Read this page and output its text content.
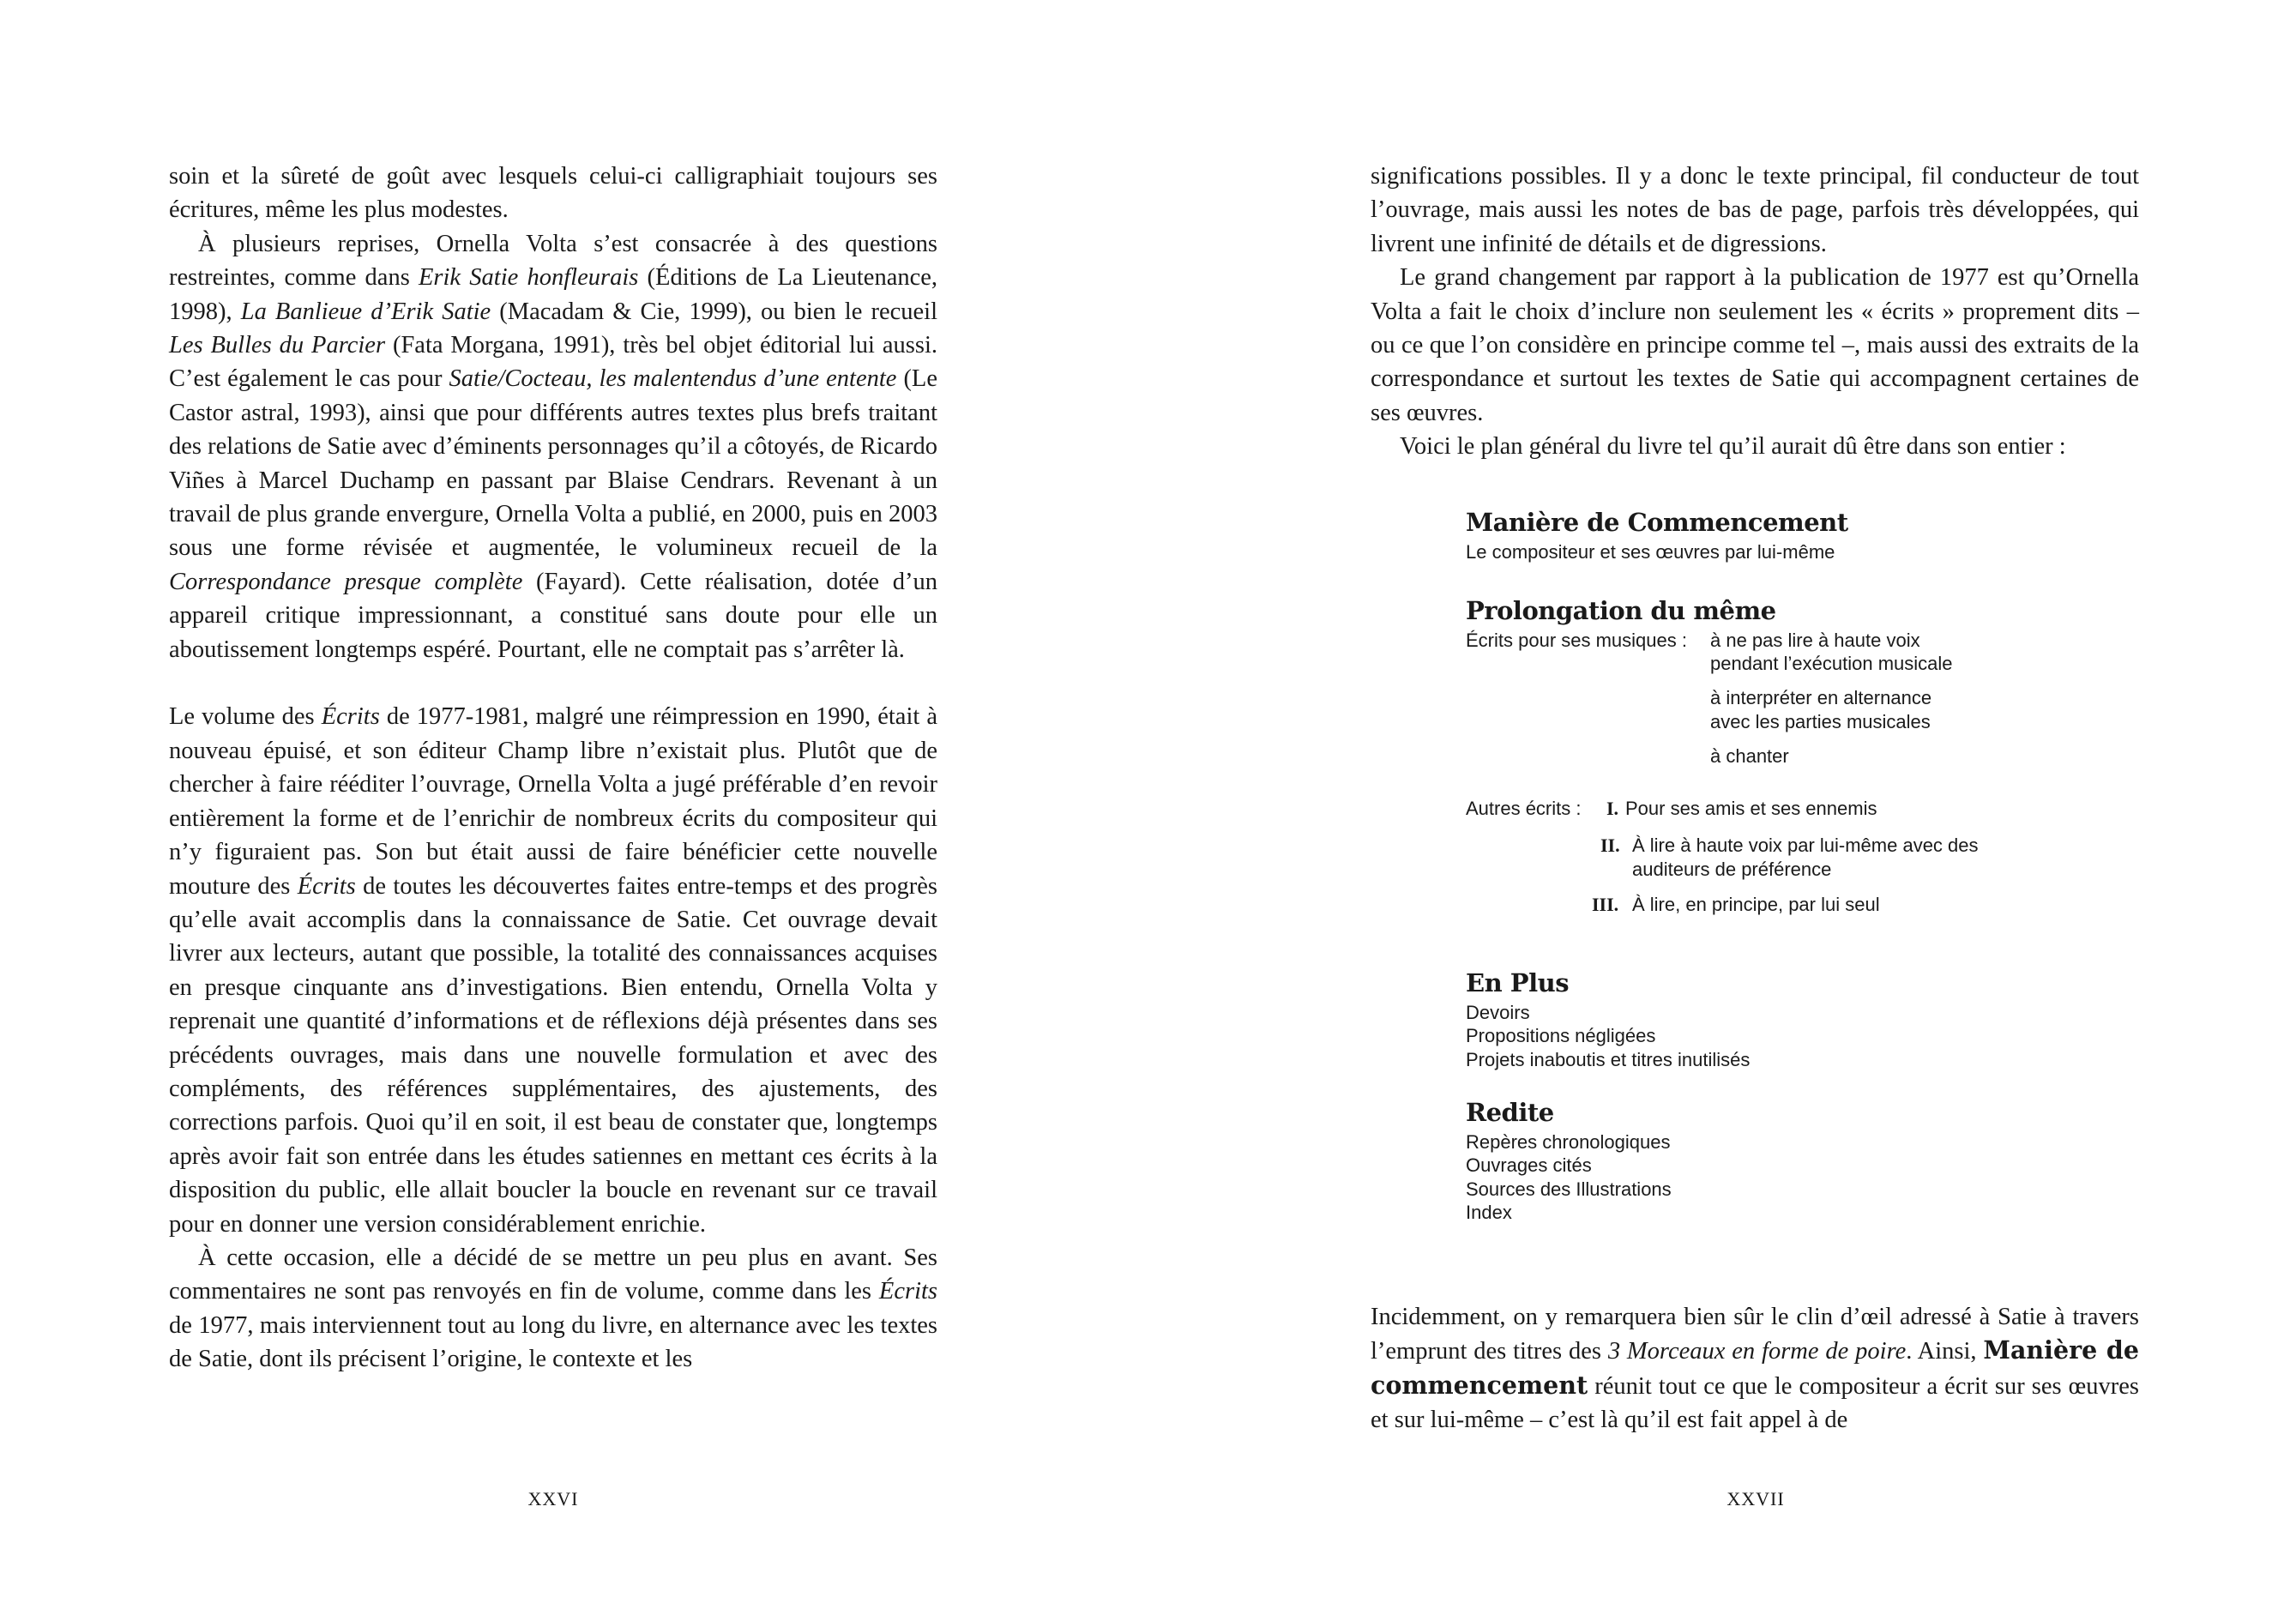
soin et la sûreté de goût avec lesquels celui-ci calligraphiait toujours ses écritures, même les plus modestes.

À plusieurs reprises, Ornella Volta s’est consacrée à des questions restreintes, comme dans Erik Satie honfleurais (Éditions de La Lieutenance, 1998), La Banlieue d’Erik Satie (Macadam & Cie, 1999), ou bien le recueil Les Bulles du Parcier (Fata Morgana, 1991), très bel objet éditorial lui aussi. C’est également le cas pour Satie/Cocteau, les malentendus d’une entente (Le Castor astral, 1993), ainsi que pour différents autres textes plus brefs traitant des relations de Satie avec d’éminents personnages qu’il a côtoyés, de Ricardo Viñes à Marcel Duchamp en passant par Blaise Cendrars. Revenant à un travail de plus grande envergure, Ornella Volta a publié, en 2000, puis en 2003 sous une forme révisée et augmentée, le volumineux recueil de la Correspondance presque complète (Fayard). Cette réalisation, dotée d’un appareil critique impressionnant, a constitué sans doute pour elle un aboutissement longtemps espéré. Pourtant, elle ne comptait pas s’arrêter là.

Le volume des Écrits de 1977-1981, malgré une réimpression en 1990, était à nouveau épuisé, et son éditeur Champ libre n’existait plus. Plutôt que de chercher à faire rééditer l’ouvrage, Ornella Volta a jugé préférable d’en revoir entièrement la forme et de l’enrichir de nombreux écrits du compositeur qui n’y figuraient pas. Son but était aussi de faire bénéficier cette nouvelle mouture des Écrits de toutes les découvertes faites entre-temps et des progrès qu’elle avait accomplis dans la connaissance de Satie. Cet ouvrage devait livrer aux lecteurs, autant que possible, la totalité des connaissances acquises en presque cinquante ans d’investigations. Bien entendu, Ornella Volta y reprenait une quantité d’informations et de réflexions déjà présentes dans ses précédents ouvrages, mais dans une nouvelle formulation et avec des compléments, des références supplémentaires, des ajustements, des corrections parfois. Quoi qu’il en soit, il est beau de constater que, longtemps après avoir fait son entrée dans les études satiennes en mettant ces écrits à la disposition du public, elle allait boucler la boucle en revenant sur ce travail pour en donner une version considérablement enrichie.

À cette occasion, elle a décidé de se mettre un peu plus en avant. Ses commentaires ne sont pas renvoyés en fin de volume, comme dans les Écrits de 1977, mais interviennent tout au long du livre, en alternance avec les textes de Satie, dont ils précisent l’origine, le contexte et les

significations possibles. Il y a donc le texte principal, fil conducteur de tout l’ouvrage, mais aussi les notes de bas de page, parfois très développées, qui livrent une infinité de détails et de digressions.

Le grand changement par rapport à la publication de 1977 est qu’Ornella Volta a fait le choix d’inclure non seulement les « écrits » proprement dits – ou ce que l’on considère en principe comme tel –, mais aussi des extraits de la correspondance et surtout les textes de Satie qui accompagnent certaines de ses œuvres.

Voici le plan général du livre tel qu’il aurait dû être dans son entier :

Manière de Commencement
Le compositeur et ses œuvres par lui-même
Prolongation du même
Écrits pour ses musiques : à ne pas lire à haute voix
pendant l’exécution musicale
à interpréter en alternance
avec les parties musicales
à chanter
Autres écrits : I. Pour ses amis et ses ennemis
II. À lire à haute voix par lui-même avec des
auditeurs de préférence
III. À lire, en principe, par lui seul
En Plus
Devoirs
Propositions négligées
Projets inaboutis et titres inutilisés
Redite
Repères chronologiques
Ouvrages cités
Sources des Illustrations
Index

Incidemment, on y remarquera bien sûr le clin d’œil adressé à Satie à travers l’emprunt des titres des 3 Morceaux en forme de poire. Ainsi, Manière de commencement réunit tout ce que le compositeur a écrit sur ses œuvres et sur lui-même – c’est là qu’il est fait appel à de

XXVI	XXVII
